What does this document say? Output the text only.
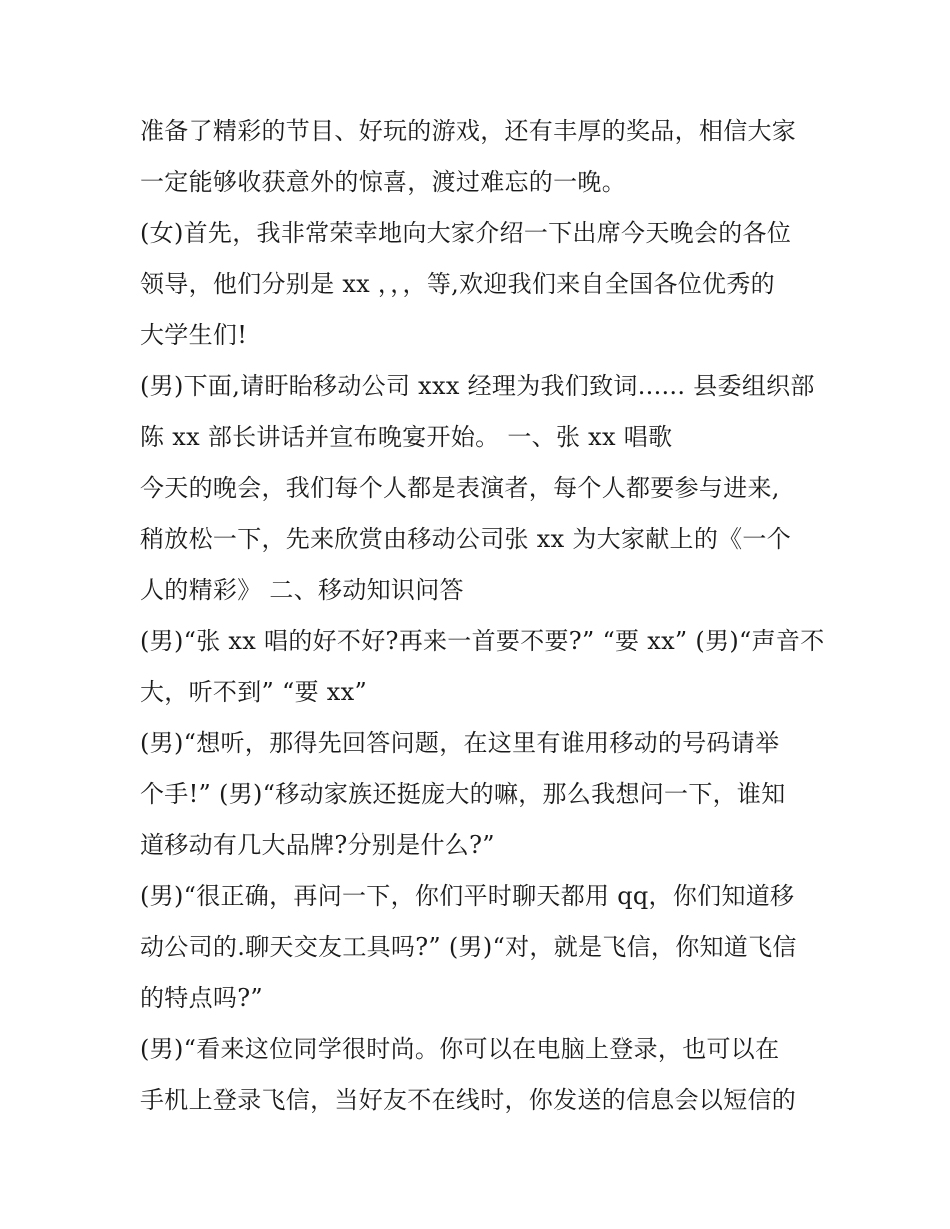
准备了精彩的节目、好玩的游戏，还有丰厚的奖品，相信大家
一定能够收获意外的惊喜，渡过难忘的一晚。
(女)首先，我非常荣幸地向大家介绍一下出席今天晚会的各位
领导，他们分别是 xx ，，，等,欢迎我们来自全国各位优秀的
大学生们!
(男)下面,请盱眙移动公司 xxx 经理为我们致词...... 县委组织部
陈 xx 部长讲话并宣布晚宴开始。 一、张 xx 唱歌
今天的晚会，我们每个人都是表演者，每个人都要参与进来,
稍放松一下，先来欣赏由移动公司张 xx 为大家献上的《一个
人的精彩》 二、移动知识问答
(男)“张 xx 唱的好不好?再来一首要不要?” “要 xx” (男)“声音不
大，听不到” “要 xx”
(男)“想听，那得先回答问题，在这里有谁用移动的号码请举
个手!” (男)“移动家族还挺庞大的嘛，那么我想问一下，谁知
道移动有几大品牌?分别是什么?”
(男)“很正确，再问一下，你们平时聊天都用 qq，你们知道移
动公司的.聊天交友工具吗?” (男)“对，就是飞信，你知道飞信
的特点吗?”
(男)“看来这位同学很时尚。你可以在电脑上登录，也可以在
手机上登录飞信，当好友不在线时，你发送的信息会以短信的
